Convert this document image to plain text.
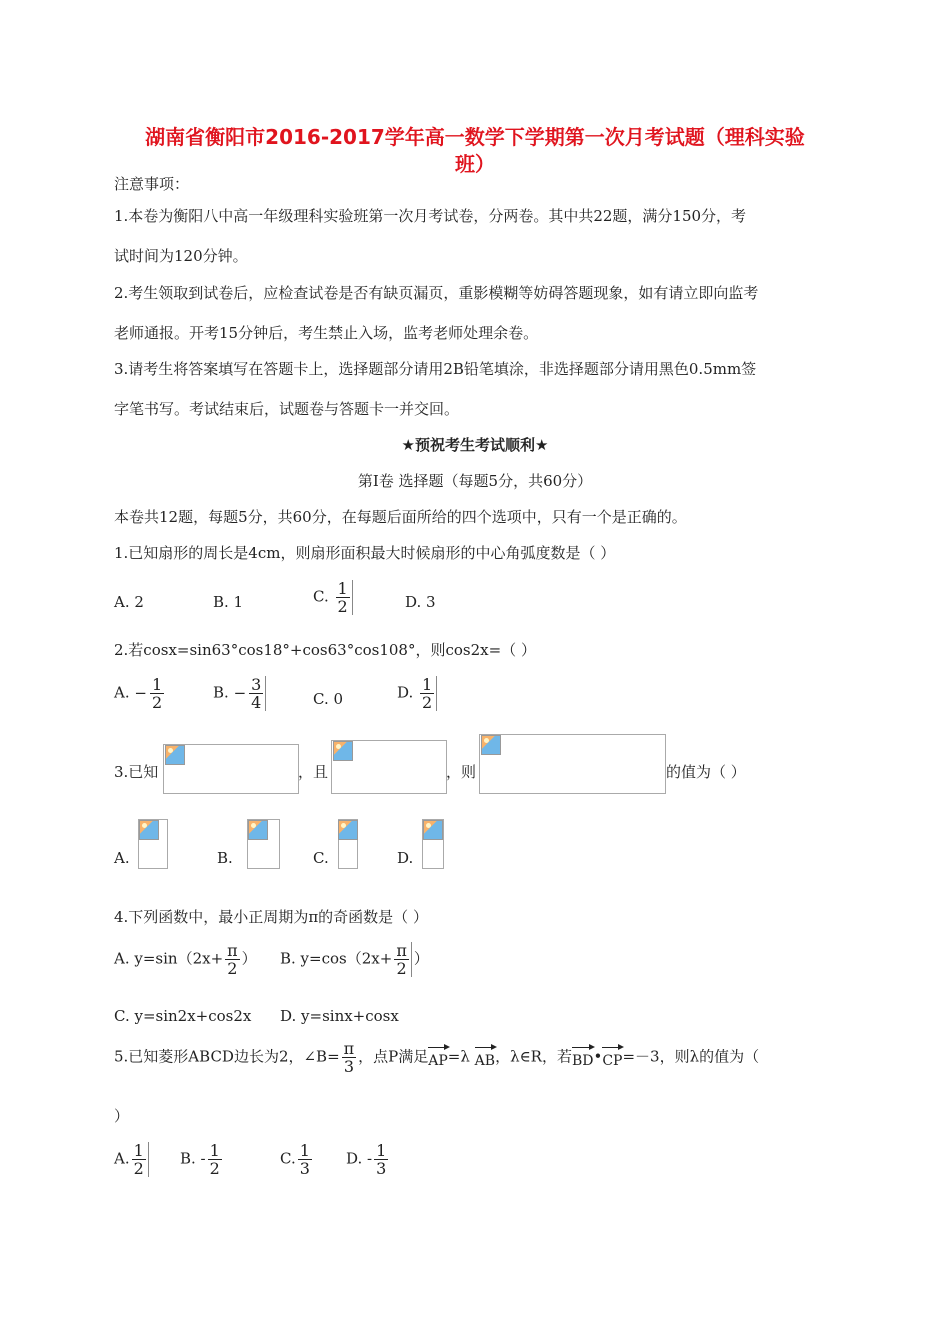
湖南省衡阳市2016-2017学年高一数学下学期第一次月考试题（理科实验
班）
注意事项：
1.本卷为衡阳八中高一年级理科实验班第一次月考试卷，分两卷。其中共22题，满分150分，考
试时间为120分钟。
2.考生领取到试卷后，应检查试卷是否有缺页漏页，重影模糊等妨碍答题现象，如有请立即向监考
老师通报。开考15分钟后，考生禁止入场，监考老师处理余卷。
3.请考生将答案填写在答题卡上，选择题部分请用2B铅笔填涂，非选择题部分请用黑色0.5mm签
字笔书写。考试结束后，试题卷与答题卡一并交回。
★预祝考生考试顺利★
第Ⅰ卷 选择题（每题5分，共60分）
本卷共12题，每题5分，共60分，在每题后面所给的四个选项中，只有一个是正确的。
1.已知扇形的周长是4cm，则扇形面积最大时候扇形的中心角弧度数是（ ）
A. 2	B. 1	C. $\frac{1}{2}$	D. 3
2.若cosx=sin63°cos18°+cos63°cos108°，则cos2x=（ ）
A. − $\frac{1}{2}$	B. − $\frac{3}{4}$	C. 0	D. $\frac{1}{2}$
3.已知	，且	，则	的值为（ ）
A.	B.	C.	D.
4.下列函数中，最小正周期为π的奇函数是（ ）
A. $y=\sin(2x+ \frac{\pi}{2}$ ） B. $y=\cos(2x+ \frac{\pi}{2}$ ）
C. y=sin2x+cos2x D. y=sinx+cosx
5.已知菱形ABCD边长为2，∠B= $\frac{\pi}{3}$ ，点P满足AP=λ AB，λ∈R，若BD•CP=－3，则λ的值为（
）
A. $\frac{1}{2} B$. - $\frac{1}{2}$	C. $\frac{1}{3} D$. - $\frac{1}{3}$
